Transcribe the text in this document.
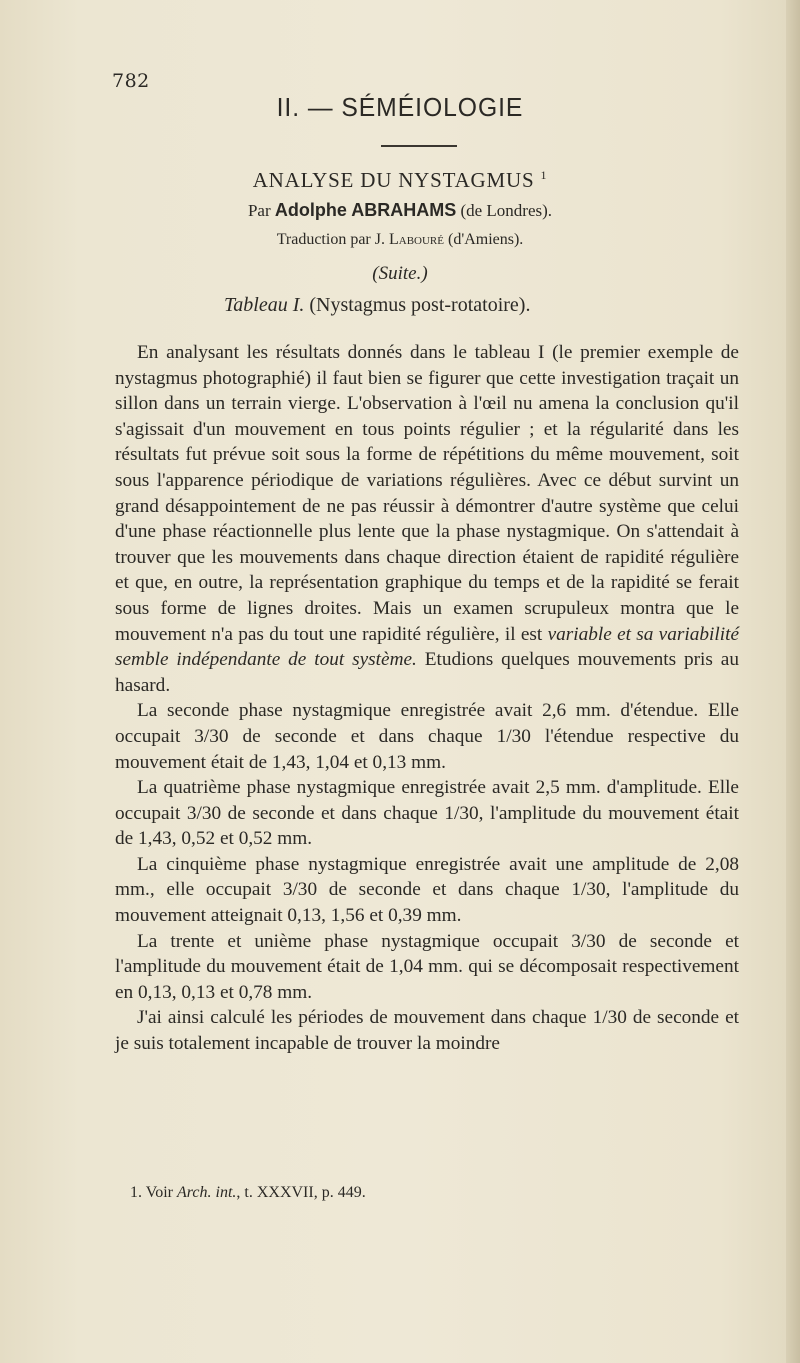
782
II. — SÉMÉIOLOGIE
ANALYSE DU NYSTAGMUS $^1$
Par Adolphe ABRAHAMS (de Londres).
Traduction par J. Labouré (d'Amiens).
(Suite.)
Tableau I. (Nystagmus post-rotatoire).

En analysant les résultats donnés dans le tableau I (le premier exemple de nystagmus photographié) il faut bien se figurer que cette investigation traçait un sillon dans un terrain vierge. L'observation à l'œil nu amena la conclusion qu'il s'agissait d'un mouvement en tous points régulier ; et la régularité dans les résultats fut prévue soit sous la forme de répétitions du même mouvement, soit sous l'apparence périodique de variations régulières. Avec ce début survint un grand désappointement de ne pas réussir à démontrer d'autre système que celui d'une phase réactionnelle plus lente que la phase nystagmique. On s'attendait à trouver que les mouvements dans chaque direction étaient de rapidité régulière et que, en outre, la représentation graphique du temps et de la rapidité se ferait sous forme de lignes droites. Mais un examen scrupuleux montra que le mouvement n'a pas du tout une rapidité régulière, il est variable et sa variabilité semble indépendante de tout système. Etudions quelques mouvements pris au hasard.

La seconde phase nystagmique enregistrée avait 2,6 mm. d'étendue. Elle occupait 3/30 de seconde et dans chaque 1/30 l'étendue respective du mouvement était de 1,43, 1,04 et 0,13 mm.

La quatrième phase nystagmique enregistrée avait 2,5 mm. d'amplitude. Elle occupait 3/30 de seconde et dans chaque 1/30, l'amplitude du mouvement était de 1,43, 0,52 et 0,52 mm.

La cinquième phase nystagmique enregistrée avait une amplitude de 2,08 mm., elle occupait 3/30 de seconde et dans chaque 1/30, l'amplitude du mouvement atteignait 0,13, 1,56 et 0,39 mm.

La trente et unième phase nystagmique occupait 3/30 de seconde et l'amplitude du mouvement était de 1,04 mm. qui se décomposait respectivement en 0,13, 0,13 et 0,78 mm.

J'ai ainsi calculé les périodes de mouvement dans chaque 1/30 de seconde et je suis totalement incapable de trouver la moindre

1. Voir Arch. int., t. XXXVII, p. 449.
